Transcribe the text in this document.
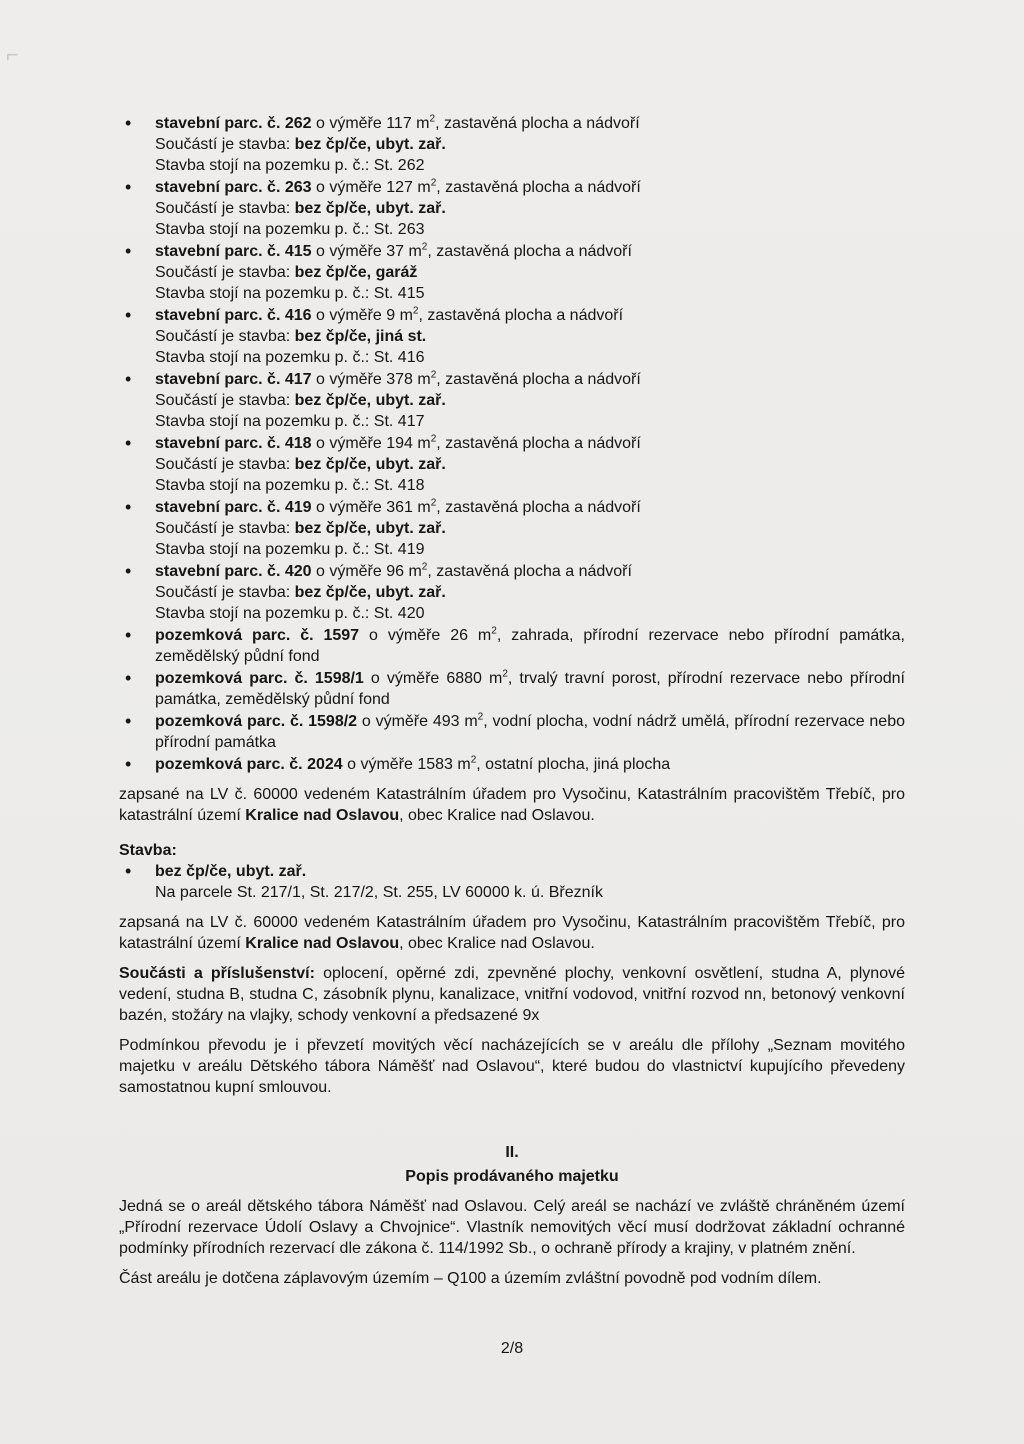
⌐
• stavební parc. č. 262 o výměře 117 $m^2$, zastavěná plocha a nádvoří
Součástí je stavba: bez čp/če, ubyt. zař.
Stavba stojí na pozemku p. č.: St. 262
• stavební parc. č. 263 o výměře 127 $m^2$, zastavěná plocha a nádvoří
Součástí je stavba: bez čp/če, ubyt. zař.
Stavba stojí na pozemku p. č.: St. 263
• stavební parc. č. 415 o výměře 37 $m^2$, zastavěná plocha a nádvoří
Součástí je stavba: bez čp/če, garáž
Stavba stojí na pozemku p. č.: St. 415
• stavební parc. č. 416 o výměře 9 $m^2$, zastavěná plocha a nádvoří
Součástí je stavba: bez čp/če, jiná st.
Stavba stojí na pozemku p. č.: St. 416
• stavební parc. č. 417 o výměře 378 $m^2$, zastavěná plocha a nádvoří
Součástí je stavba: bez čp/če, ubyt. zař.
Stavba stojí na pozemku p. č.: St. 417
• stavební parc. č. 418 o výměře 194 $m^2$, zastavěná plocha a nádvoří
Součástí je stavba: bez čp/če, ubyt. zař.
Stavba stojí na pozemku p. č.: St. 418
• stavební parc. č. 419 o výměře 361 $m^2$, zastavěná plocha a nádvoří
Součástí je stavba: bez čp/če, ubyt. zař.
Stavba stojí na pozemku p. č.: St. 419
• stavební parc. č. 420 o výměře 96 $m^2$, zastavěná plocha a nádvoří
Součástí je stavba: bez čp/če, ubyt. zař.
Stavba stojí na pozemku p. č.: St. 420
• pozemková parc. č. 1597 o výměře 26 $m^2$, zahrada, přírodní rezervace nebo přírodní památka, zemědělský půdní fond
• pozemková parc. č. 1598/1 o výměře 6880 $m^2$, trvalý travní porost, přírodní rezervace nebo přírodní památka, zemědělský půdní fond
• pozemková parc. č. 1598/2 o výměře 493 $m^2$, vodní plocha, vodní nádrž umělá, přírodní rezervace nebo přírodní památka
• pozemková parc. č. 2024 o výměře 1583 $m^2$, ostatní plocha, jiná plocha

zapsané na LV č. 60000 vedeném Katastrálním úřadem pro Vysočinu, Katastrálním pracovištěm Třebíč, pro katastrální území Kralice nad Oslavou, obec Kralice nad Oslavou.

Stavba:
• bez čp/če, ubyt. zař.
Na parcele St. 217/1, St. 217/2, St. 255, LV 60000 k. ú. Březník

zapsaná na LV č. 60000 vedeném Katastrálním úřadem pro Vysočinu, Katastrálním pracovištěm Třebíč, pro katastrální území Kralice nad Oslavou, obec Kralice nad Oslavou.

Součásti a příslušenství: oplocení, opěrné zdi, zpevněné plochy, venkovní osvětlení, studna A, plynové vedení, studna B, studna C, zásobník plynu, kanalizace, vnitřní vodovod, vnitřní rozvod nn, betonový venkovní bazén, stožáry na vlajky, schody venkovní a předsazené 9x

Podmínkou převodu je i převzetí movitých věcí nacházejících se v areálu dle přílohy „Seznam movitého majetku v areálu Dětského tábora Náměšť nad Oslavou“, které budou do vlastnictví kupujícího převedeny samostatnou kupní smlouvou.

II.
Popis prodávaného majetku

Jedná se o areál dětského tábora Náměšť nad Oslavou. Celý areál se nachází ve zvláště chráněném území „Přírodní rezervace Údolí Oslavy a Chvojnice“. Vlastník nemovitých věcí musí dodržovat základní ochranné podmínky přírodních rezervací dle zákona č. 114/1992 Sb., o ochraně přírody a krajiny, v platném znění.

Část areálu je dotčena záplavovým územím – Q100 a územím zvláštní povodně pod vodním dílem.

2/8
